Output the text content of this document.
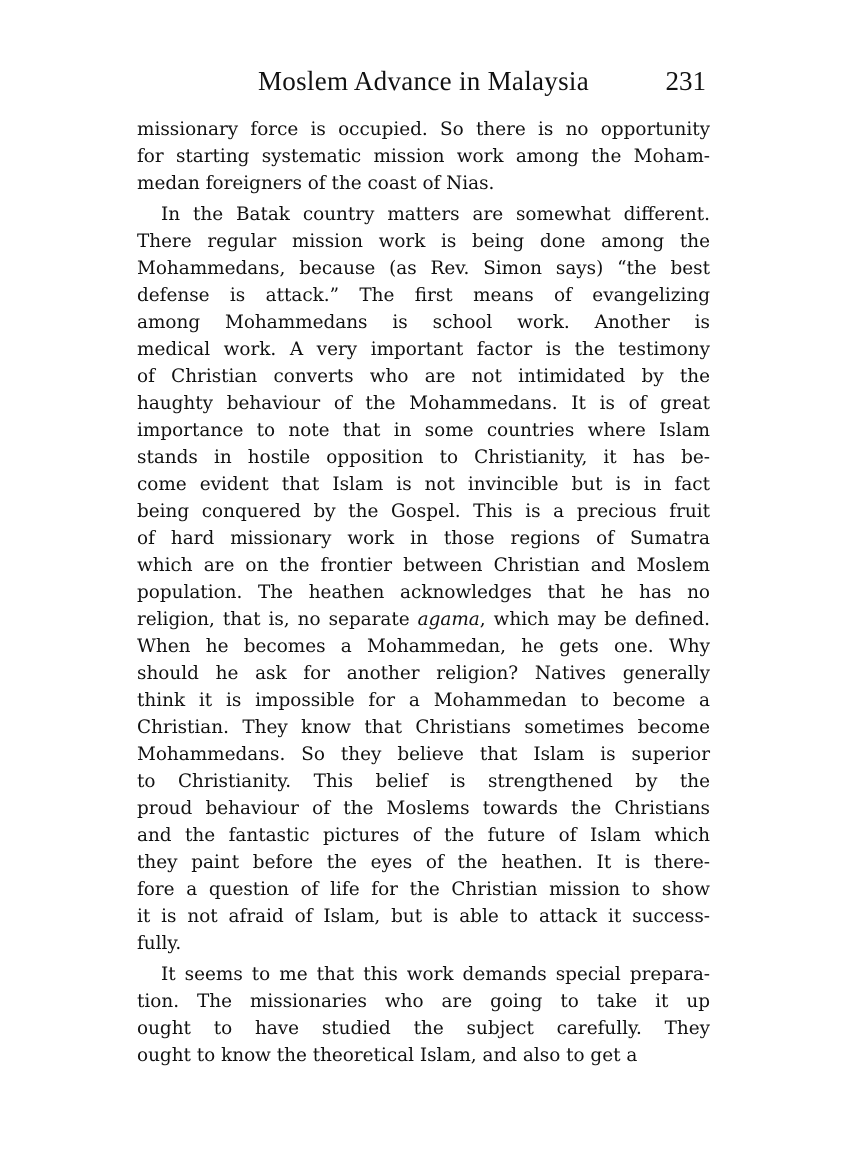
Moslem Advance in Malaysia	231
missionary force is occupied. So there is no opportunity
for starting systematic mission work among the Moham-
medan foreigners of the coast of Nias.
In the Batak country matters are somewhat different.
There regular mission work is being done among the
Mohammedans, because (as Rev. Simon says) “the best
defense is attack.” The first means of evangelizing
among Mohammedans is school work. Another is
medical work. A very important factor is the testimony
of Christian converts who are not intimidated by the
haughty behaviour of the Mohammedans. It is of great
importance to note that in some countries where Islam
stands in hostile opposition to Christianity, it has be-
come evident that Islam is not invincible but is in fact
being conquered by the Gospel. This is a precious fruit
of hard missionary work in those regions of Sumatra
which are on the frontier between Christian and Moslem
population. The heathen acknowledges that he has no
religion, that is, no separate agama, which may be defined.
When he becomes a Mohammedan, he gets one. Why
should he ask for another religion? Natives generally
think it is impossible for a Mohammedan to become a
Christian. They know that Christians sometimes become
Mohammedans. So they believe that Islam is superior
to Christianity. This belief is strengthened by the
proud behaviour of the Moslems towards the Christians
and the fantastic pictures of the future of Islam which
they paint before the eyes of the heathen. It is there-
fore a question of life for the Christian mission to show
it is not afraid of Islam, but is able to attack it success-
fully.
It seems to me that this work demands special prepara-
tion. The missionaries who are going to take it up
ought to have studied the subject carefully. They
ought to know the theoretical Islam, and also to get a
